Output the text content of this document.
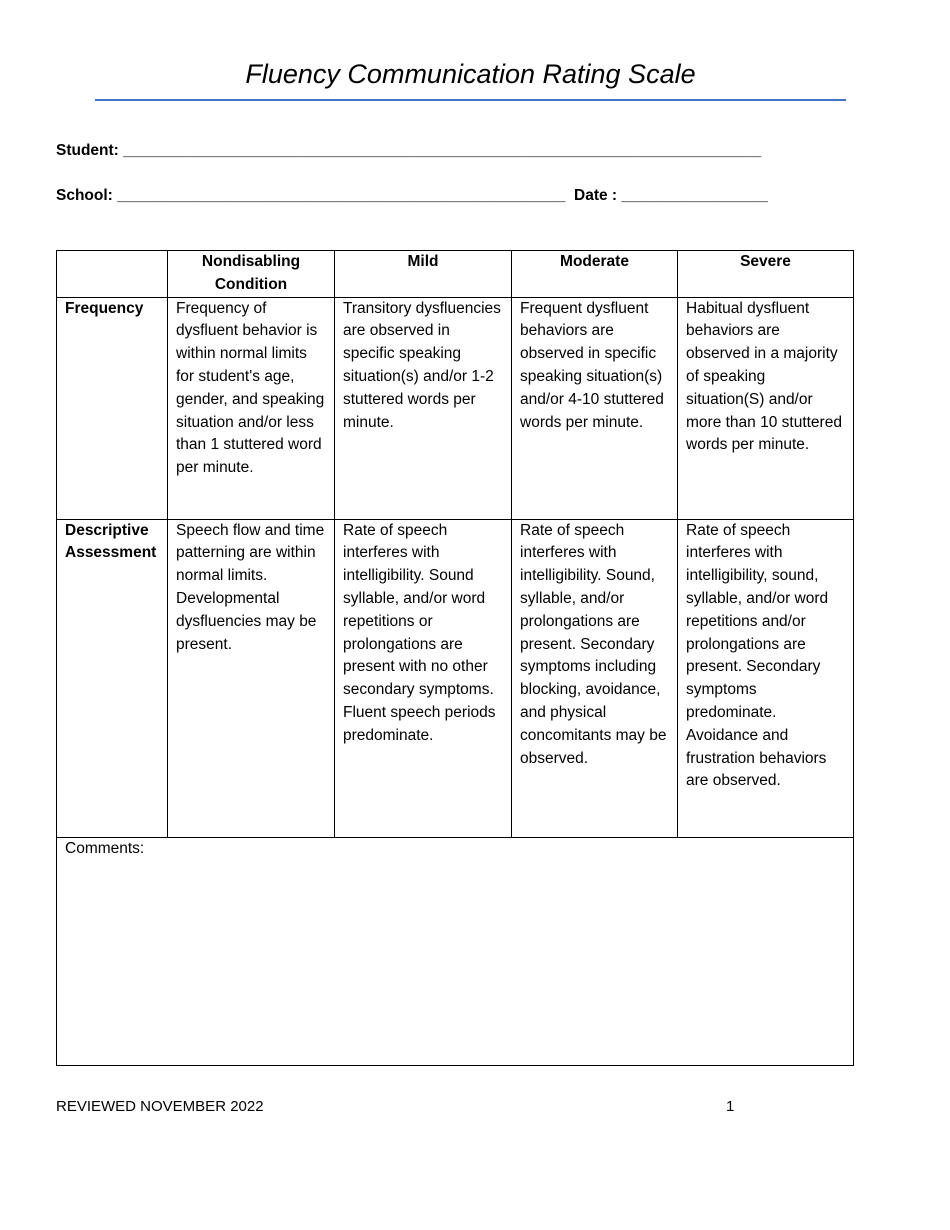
Fluency Communication Rating Scale
Student: __________________________________________________________________________
School: ____________________________________________________  Date : _________________
	Nondisabling Condition	Mild	Moderate	Severe
Frequency	Frequency of dysfluent behavior is within normal limits for student's age, gender, and speaking situation and/or less than 1 stuttered word per minute.	Transitory dysfluencies are observed in specific speaking situation(s) and/or 1-2 stuttered words per minute.	Frequent dysfluent behaviors are observed in specific speaking situation(s) and/or 4-10 stuttered words per minute.	Habitual dysfluent behaviors are observed in a majority of speaking situation(S) and/or more than 10 stuttered words per minute.
Descriptive Assessment	Speech flow and time patterning are within normal limits. Developmental dysfluencies may be present.	Rate of speech interferes with intelligibility. Sound syllable, and/or word repetitions or prolongations are present with no other secondary symptoms. Fluent speech periods predominate.	Rate of speech interferes with intelligibility. Sound, syllable, and/or prolongations are present. Secondary symptoms including blocking, avoidance, and physical concomitants may be observed.	Rate of speech interferes with intelligibility, sound, syllable, and/or word repetitions and/or prolongations are present. Secondary symptoms predominate. Avoidance and frustration behaviors are observed.
Comments:				
REVIEWED NOVEMBER 2022	1
